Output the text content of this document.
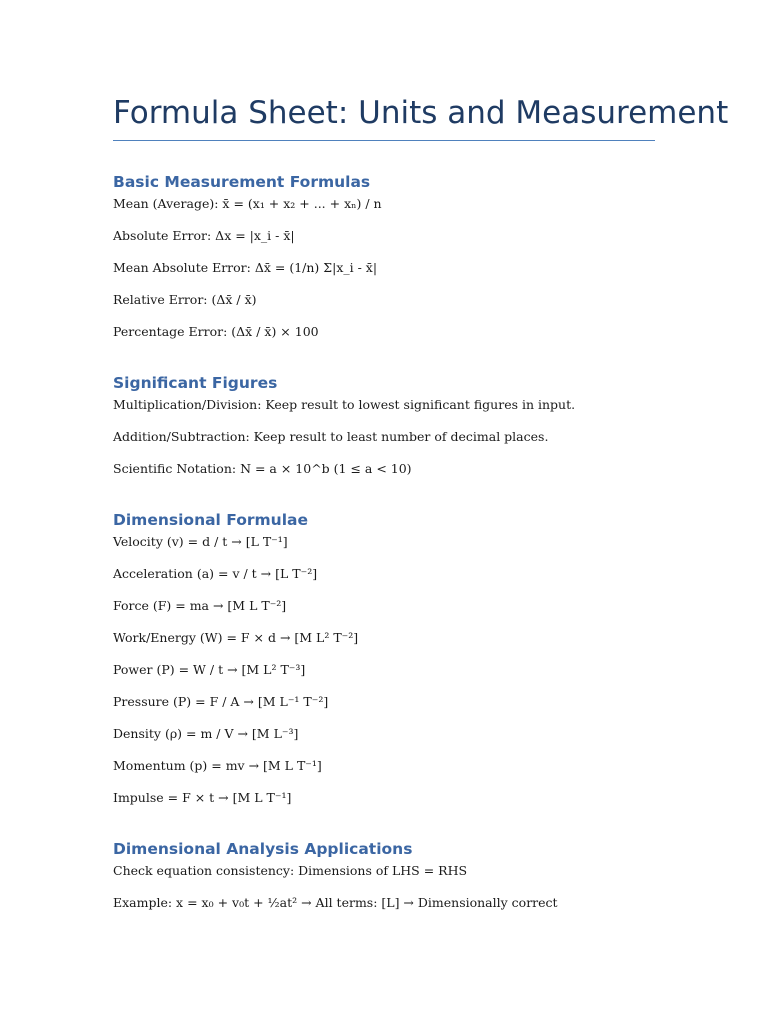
Formula Sheet: Units and Measurement
Basic Measurement Formulas

Mean (Average): x̄ = (x₁ + x₂ + ... + xₙ) / n

Absolute Error: Δx = |x_i - x̄|

Mean Absolute Error: Δx̄ = (1/n) Σ|x_i - x̄|

Relative Error: (Δx̄ / x̄)

Percentage Error: (Δx̄ / x̄) × 100

Significant Figures

Multiplication/Division: Keep result to lowest significant figures in input.

Addition/Subtraction: Keep result to least number of decimal places.

Scientific Notation: N = a × 10^b (1 ≤ a < 10)

Dimensional Formulae

Velocity (v) = d / t → [L T⁻¹]

Acceleration (a) = v / t → [L T⁻²]

Force (F) = ma → [M L T⁻²]

Work/Energy (W) = F × d → [M L² T⁻²]

Power (P) = W / t → [M L² T⁻³]

Pressure (P) = F / A → [M L⁻¹ T⁻²]

Density (ρ) = m / V → [M L⁻³]

Momentum (p) = mv → [M L T⁻¹]

Impulse = F × t → [M L T⁻¹]

Dimensional Analysis Applications

Check equation consistency: Dimensions of LHS = RHS

Example: x = x₀ + v₀t + ½at² → All terms: [L] → Dimensionally correct
